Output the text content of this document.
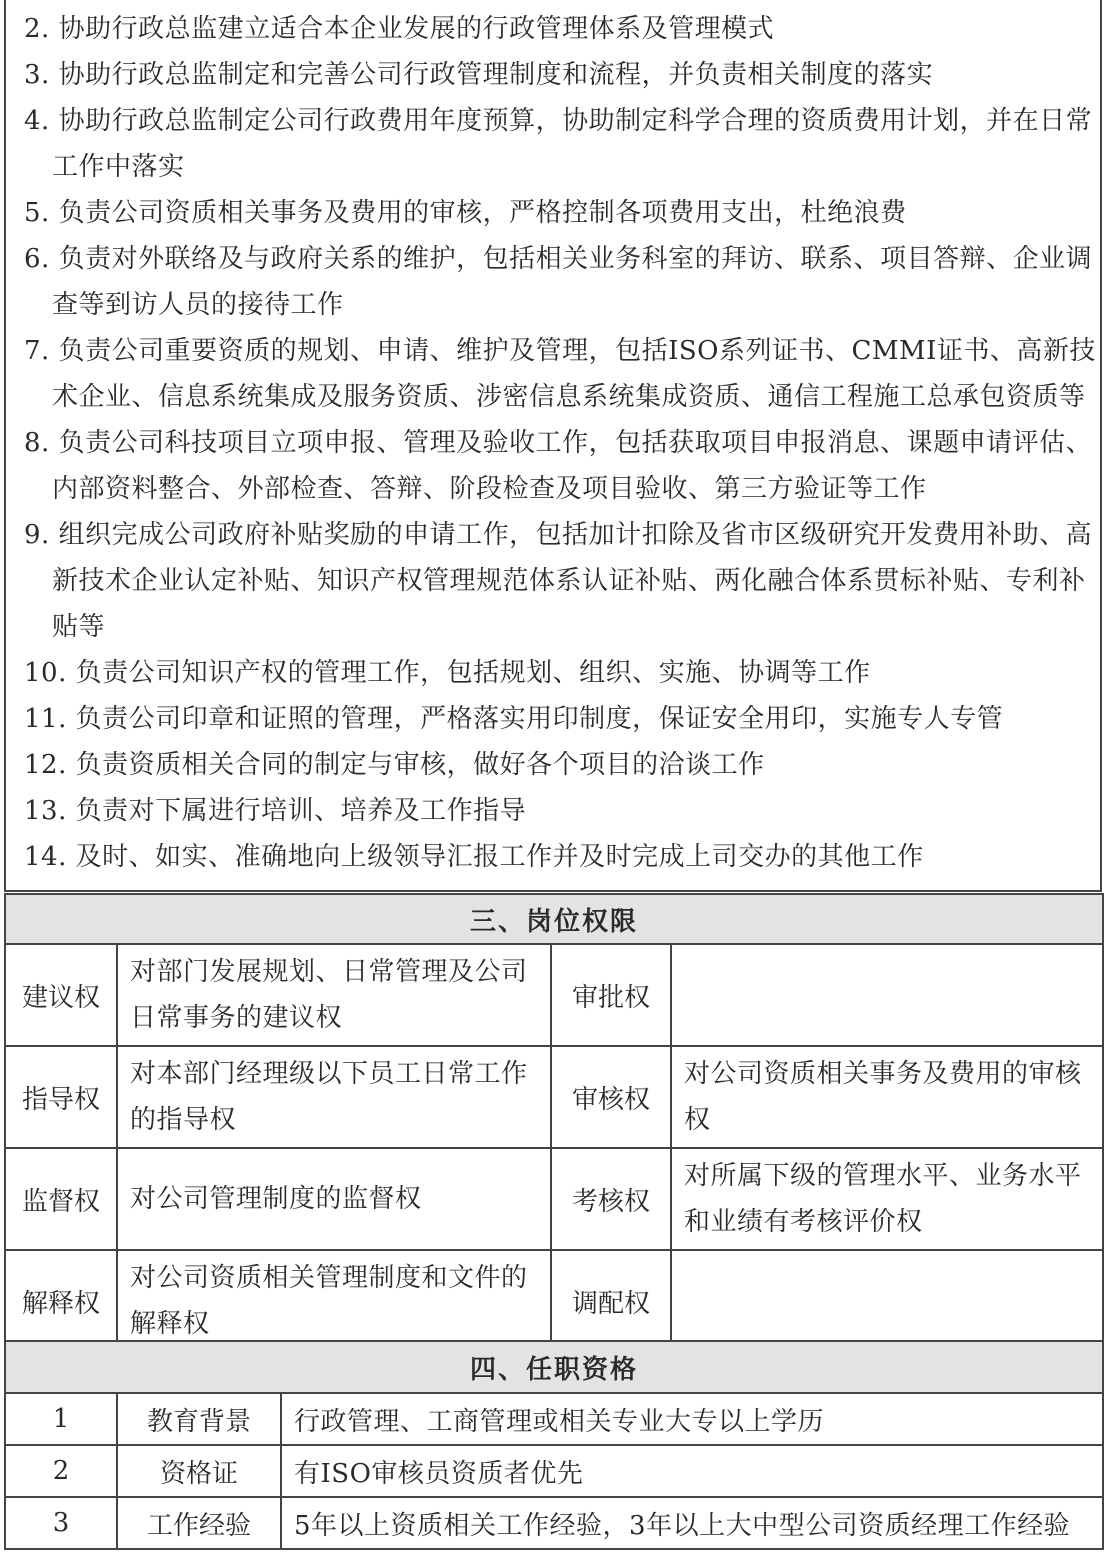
2. 协助行政总监建立适合本企业发展的行政管理体系及管理模式

3. 协助行政总监制定和完善公司行政管理制度和流程，并负责相关制度的落实

4. 协助行政总监制定公司行政费用年度预算，协助制定科学合理的资质费用计划，并在日常工作中落实

5. 负责公司资质相关事务及费用的审核，严格控制各项费用支出，杜绝浪费

6. 负责对外联络及与政府关系的维护，包括相关业务科室的拜访、联系、项目答辩、企业调查等到访人员的接待工作

7. 负责公司重要资质的规划、申请、维护及管理，包括ISO系列证书、CMMI证书、高新技术企业、信息系统集成及服务资质、涉密信息系统集成资质、通信工程施工总承包资质等

8. 负责公司科技项目立项申报、管理及验收工作，包括获取项目申报消息、课题申请评估、内部资料整合、外部检查、答辩、阶段检查及项目验收、第三方验证等工作

9. 组织完成公司政府补贴奖励的申请工作，包括加计扣除及省市区级研究开发费用补助、高新技术企业认定补贴、知识产权管理规范体系认证补贴、两化融合体系贯标补贴、专利补贴等

10. 负责公司知识产权的管理工作，包括规划、组织、实施、协调等工作

11. 负责公司印章和证照的管理，严格落实用印制度，保证安全用印，实施专人专管

12. 负责资质相关合同的制定与审核，做好各个项目的洽谈工作

13. 负责对下属进行培训、培养及工作指导

14. 及时、如实、准确地向上级领导汇报工作并及时完成上司交办的其他工作

三、岗位权限			
建议权	对部门发展规划、日常管理及公司日常事务的建议权	审批权	
指导权	对本部门经理级以下员工日常工作的指导权	审核权	对公司资质相关事务及费用的审核权
监督权	对公司管理制度的监督权	考核权	对所属下级的管理水平、业务水平和业绩有考核评价权
解释权	对公司资质相关管理制度和文件的解释权	调配权	
四、任职资格		
1	教育背景	行政管理、工商管理或相关专业大专以上学历
2	资格证	有ISO审核员资质者优先
3	工作经验	5年以上资质相关工作经验，3年以上大中型公司资质经理工作经验
